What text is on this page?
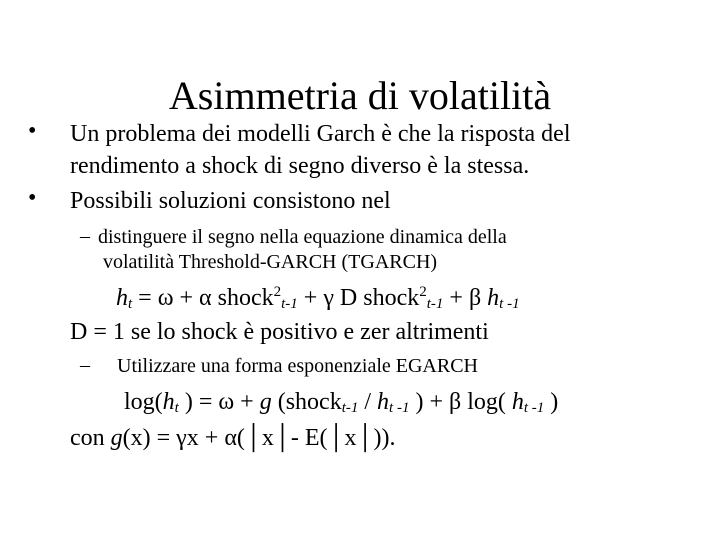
Asimmetria di volatilità
• Un problema dei modelli Garch è che la risposta del
rendimento a shock di segno diverso è la stessa.
• Possibili soluzioni consistono nel
– distinguere il segno nella equazione dinamica della
volatilità Threshold-GARCH (TGARCH)
$h_t = \omega + \alpha$ shock$^2_{t-1}$ + γ D shock$^2_{t-1}$ + β $h_{t -1}$
D = 1 se lo shock è positivo e zer altrimenti
– Utilizzare una forma esponenziale EGARCH
$\log(h_t$ ) = ω + g (shock$_{t-1}$ / $h_{t -1}$ ) + β log( $h_{t -1}$ )
con g(x) = γx + α(│x│- E(│x│)).
